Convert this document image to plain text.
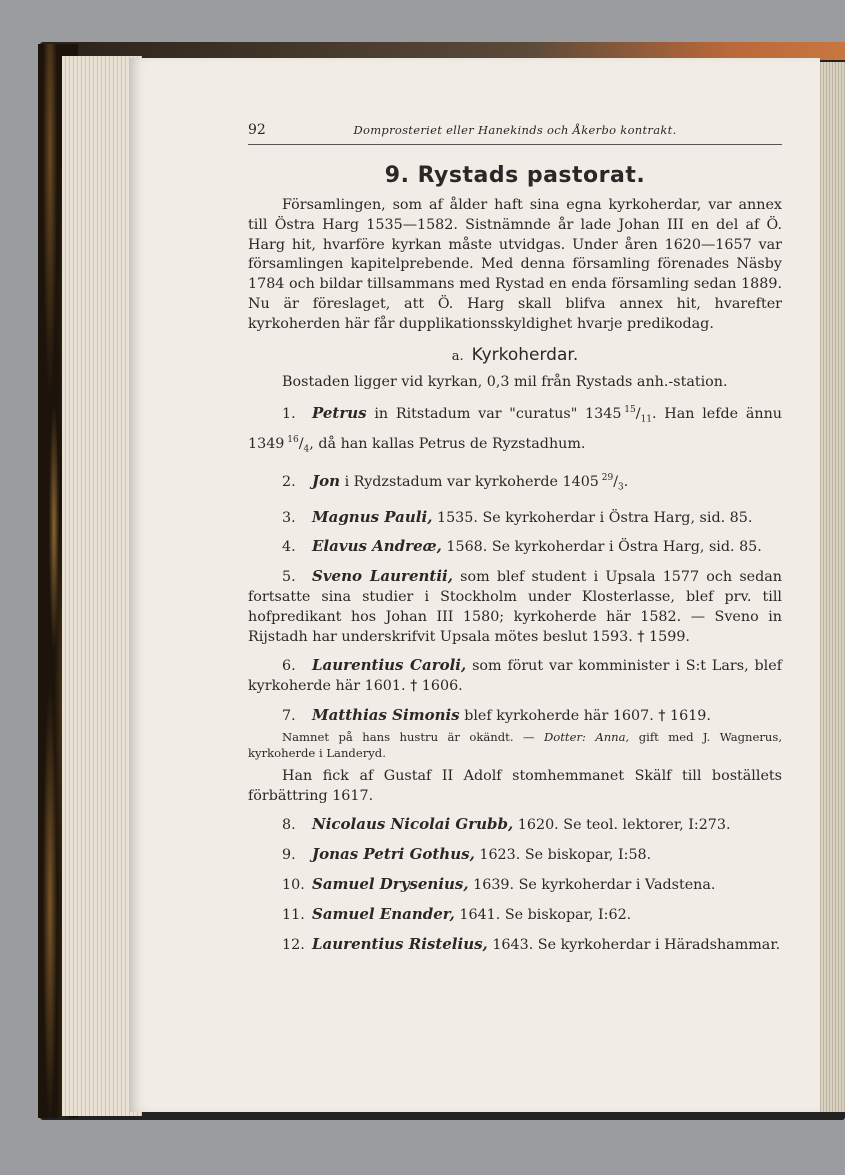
92	Domprosteriet eller Hanekinds och Åkerbo kontrakt.
9. Rystads pastorat.

Församlingen, som af ålder haft sina egna kyrkoherdar, var annex till Östra Harg 1535—1582. Sistnämnde år lade Johan III en del af Ö. Harg hit, hvarföre kyrkan måste utvidgas. Under åren 1620—1657 var församlingen kapitelprebende. Med denna församling förenades Näsby 1784 och bildar tillsammans med Rystad en enda församling sedan 1889. Nu är föreslaget, att Ö. Harg skall blifva annex hit, hvarefter kyrkoherden här får dupplikationsskyldighet hvarje predikodag.

a. Kyrkoherdar.

Bostaden ligger vid kyrkan, 0,3 mil från Rystads anh.-station.

1. Petrus in Ritstadum var "curatus" 1345  $^{15}/_{11}$. Han lefde ännu 1349  $^{16}/_4$, då han kallas Petrus de Ryzstadhum.

2. Jon i Rydzstadum var kyrkoherde 1405  $^{29}/_3$.

3. Magnus Pauli, 1535. Se kyrkoherdar i Östra Harg, sid. 85.

4. Elavus Andreæ, 1568. Se kyrkoherdar i Östra Harg, sid. 85.

5. Sveno Laurentii, som blef student i Upsala 1577 och sedan fortsatte sina studier i Stockholm under Klosterlasse, blef prv. till hofpredikant hos Johan III 1580; kyrkoherde här 1582. — Sveno in Rijstadh har underskrifvit Upsala mötes beslut 1593. † 1599.

6. Laurentius Caroli, som förut var komminister i S:t Lars, blef kyrkoherde här 1601. † 1606.

7. Matthias Simonis blef kyrkoherde här 1607. † 1619.

Namnet på hans hustru är okändt. — Dotter: Anna, gift med J. Wagnerus, kyrkoherde i Landeryd.

Han fick af Gustaf II Adolf stomhemmanet Skälf till boställets förbättring 1617.

8. Nicolaus Nicolai Grubb, 1620. Se teol. lektorer, I:273.

9. Jonas Petri Gothus, 1623. Se biskopar, I:58.

10. Samuel Drysenius, 1639. Se kyrkoherdar i Vadstena.

11. Samuel Enander, 1641. Se biskopar, I:62.

12. Laurentius Ristelius, 1643. Se kyrkoherdar i Häradshammar.
